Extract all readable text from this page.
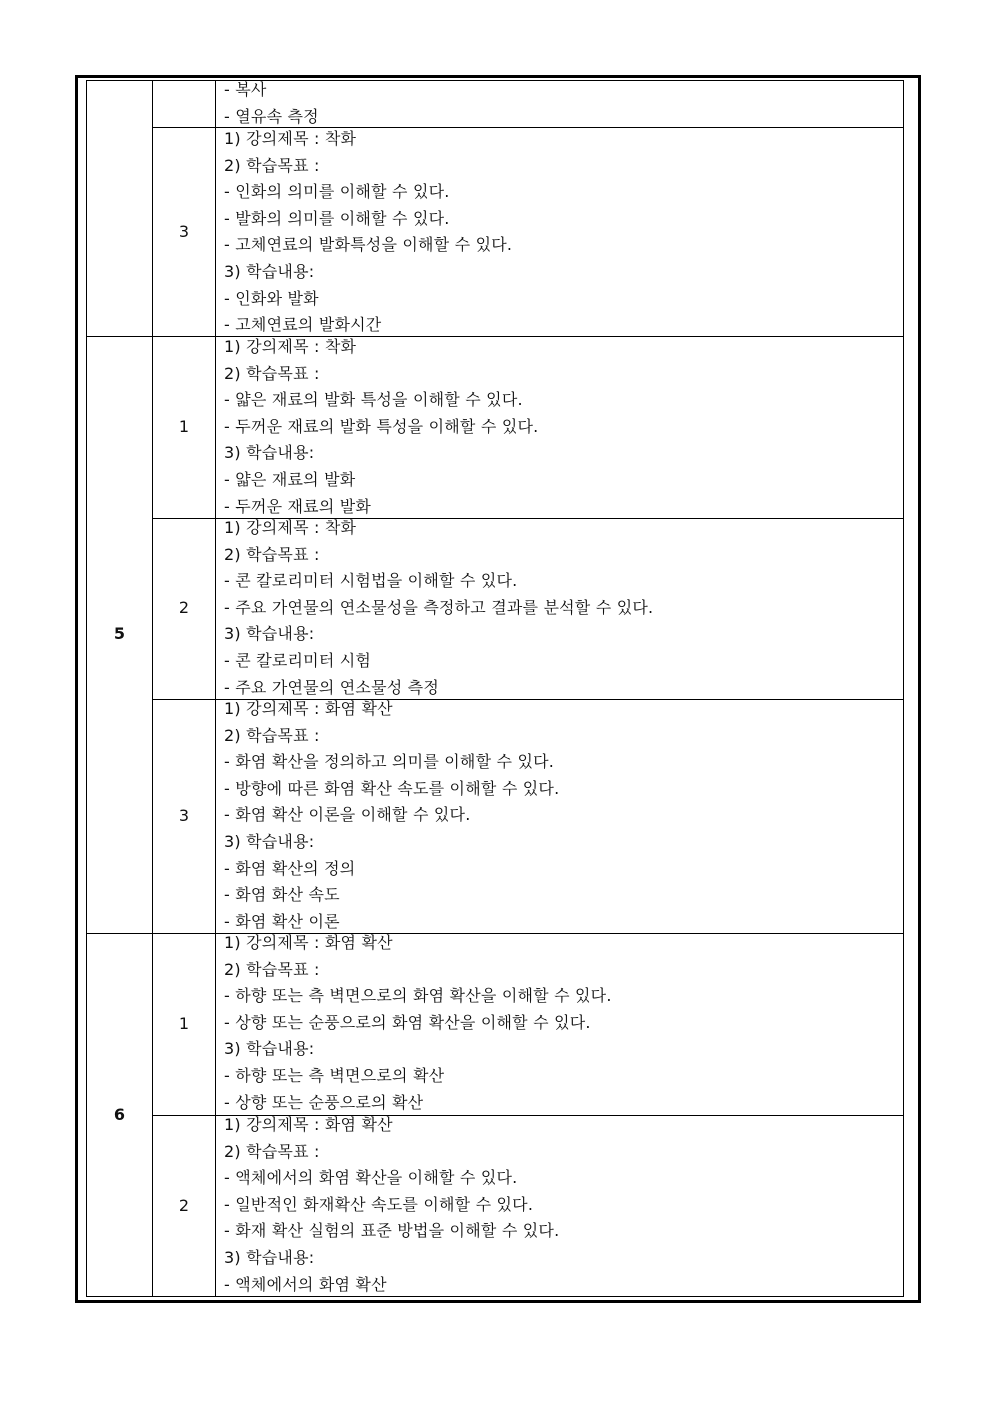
5
6
3
1
2
3
1
2
- 복사
- 열유속 측정
1) 강의제목 : 착화
2) 학습목표 :
- 인화의 의미를 이해할 수 있다.
- 발화의 의미를 이해할 수 있다.
- 고체연료의 발화특성을 이해할 수 있다.
3) 학습내용:
- 인화와 발화
- 고체연료의 발화시간
1) 강의제목 : 착화
2) 학습목표 :
- 얇은 재료의 발화 특성을 이해할 수 있다.
- 두꺼운 재료의 발화 특성을 이해할 수 있다.
3) 학습내용:
- 얇은 재료의 발화
- 두꺼운 재료의 발화
1) 강의제목 : 착화
2) 학습목표 :
- 콘 칼로리미터 시험법을 이해할 수 있다.
- 주요 가연물의 연소물성을 측정하고 결과를 분석할 수 있다.
3) 학습내용:
- 콘 칼로리미터 시험
- 주요 가연물의 연소물성 측정
1) 강의제목 : 화염 확산
2) 학습목표 :
- 화염 확산을 정의하고 의미를 이해할 수 있다.
- 방향에 따른 화염 확산 속도를 이해할 수 있다.
- 화염 확산 이론을 이해할 수 있다.
3) 학습내용:
- 화염 확산의 정의
- 화염 화산 속도
- 화염 확산 이론
1) 강의제목 : 화염 확산
2) 학습목표 :
- 하향 또는 측 벽면으로의 화염 확산을 이해할 수 있다.
- 상향 또는 순풍으로의 화염 확산을 이해할 수 있다.
3) 학습내용:
- 하향 또는 측 벽면으로의 확산
- 상향 또는 순풍으로의 확산
1) 강의제목 : 화염 확산
2) 학습목표 :
- 액체에서의 화염 확산을 이해할 수 있다.
- 일반적인 화재확산 속도를 이해할 수 있다.
- 화재 확산 실험의 표준 방법을 이해할 수 있다.
3) 학습내용:
- 액체에서의 화염 확산
